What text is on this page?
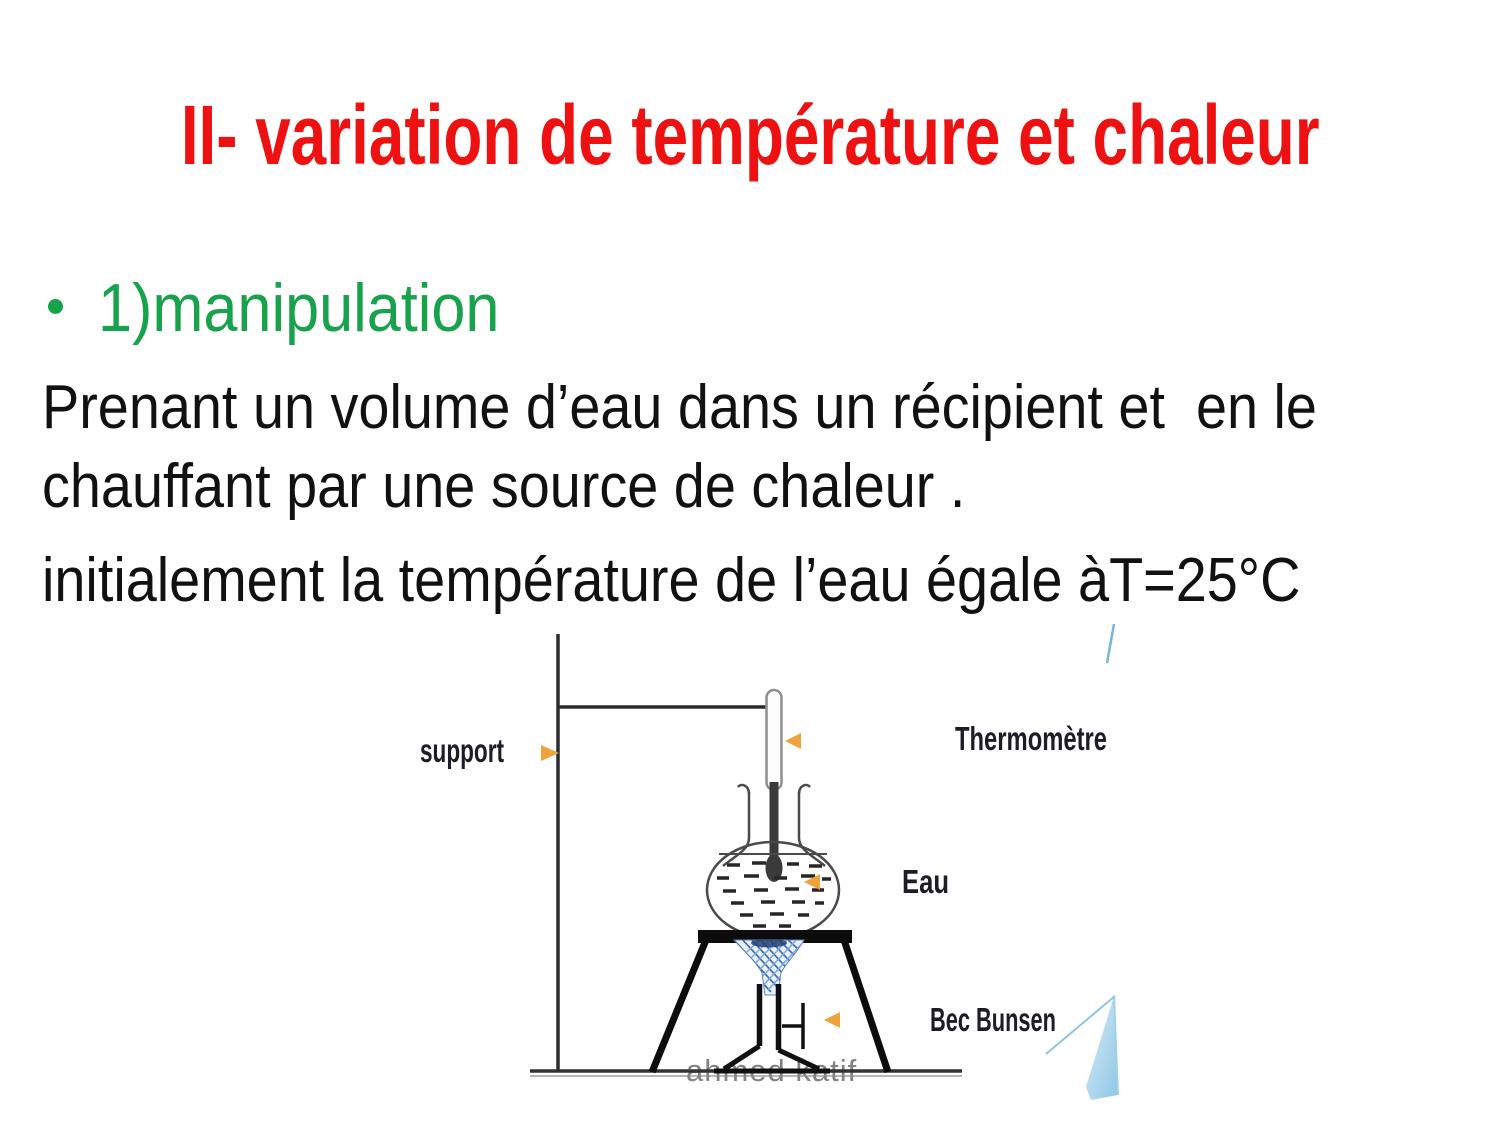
II- variation de température et chaleur
1)manipulation
Prenant un volume d’eau dans un récipient et  en le
chauffant par une source de chaleur .
initialement la température de l’eau égale àT=25°C
ahmed katif
support	Thermomètre
Eau
Bec Bunsen
